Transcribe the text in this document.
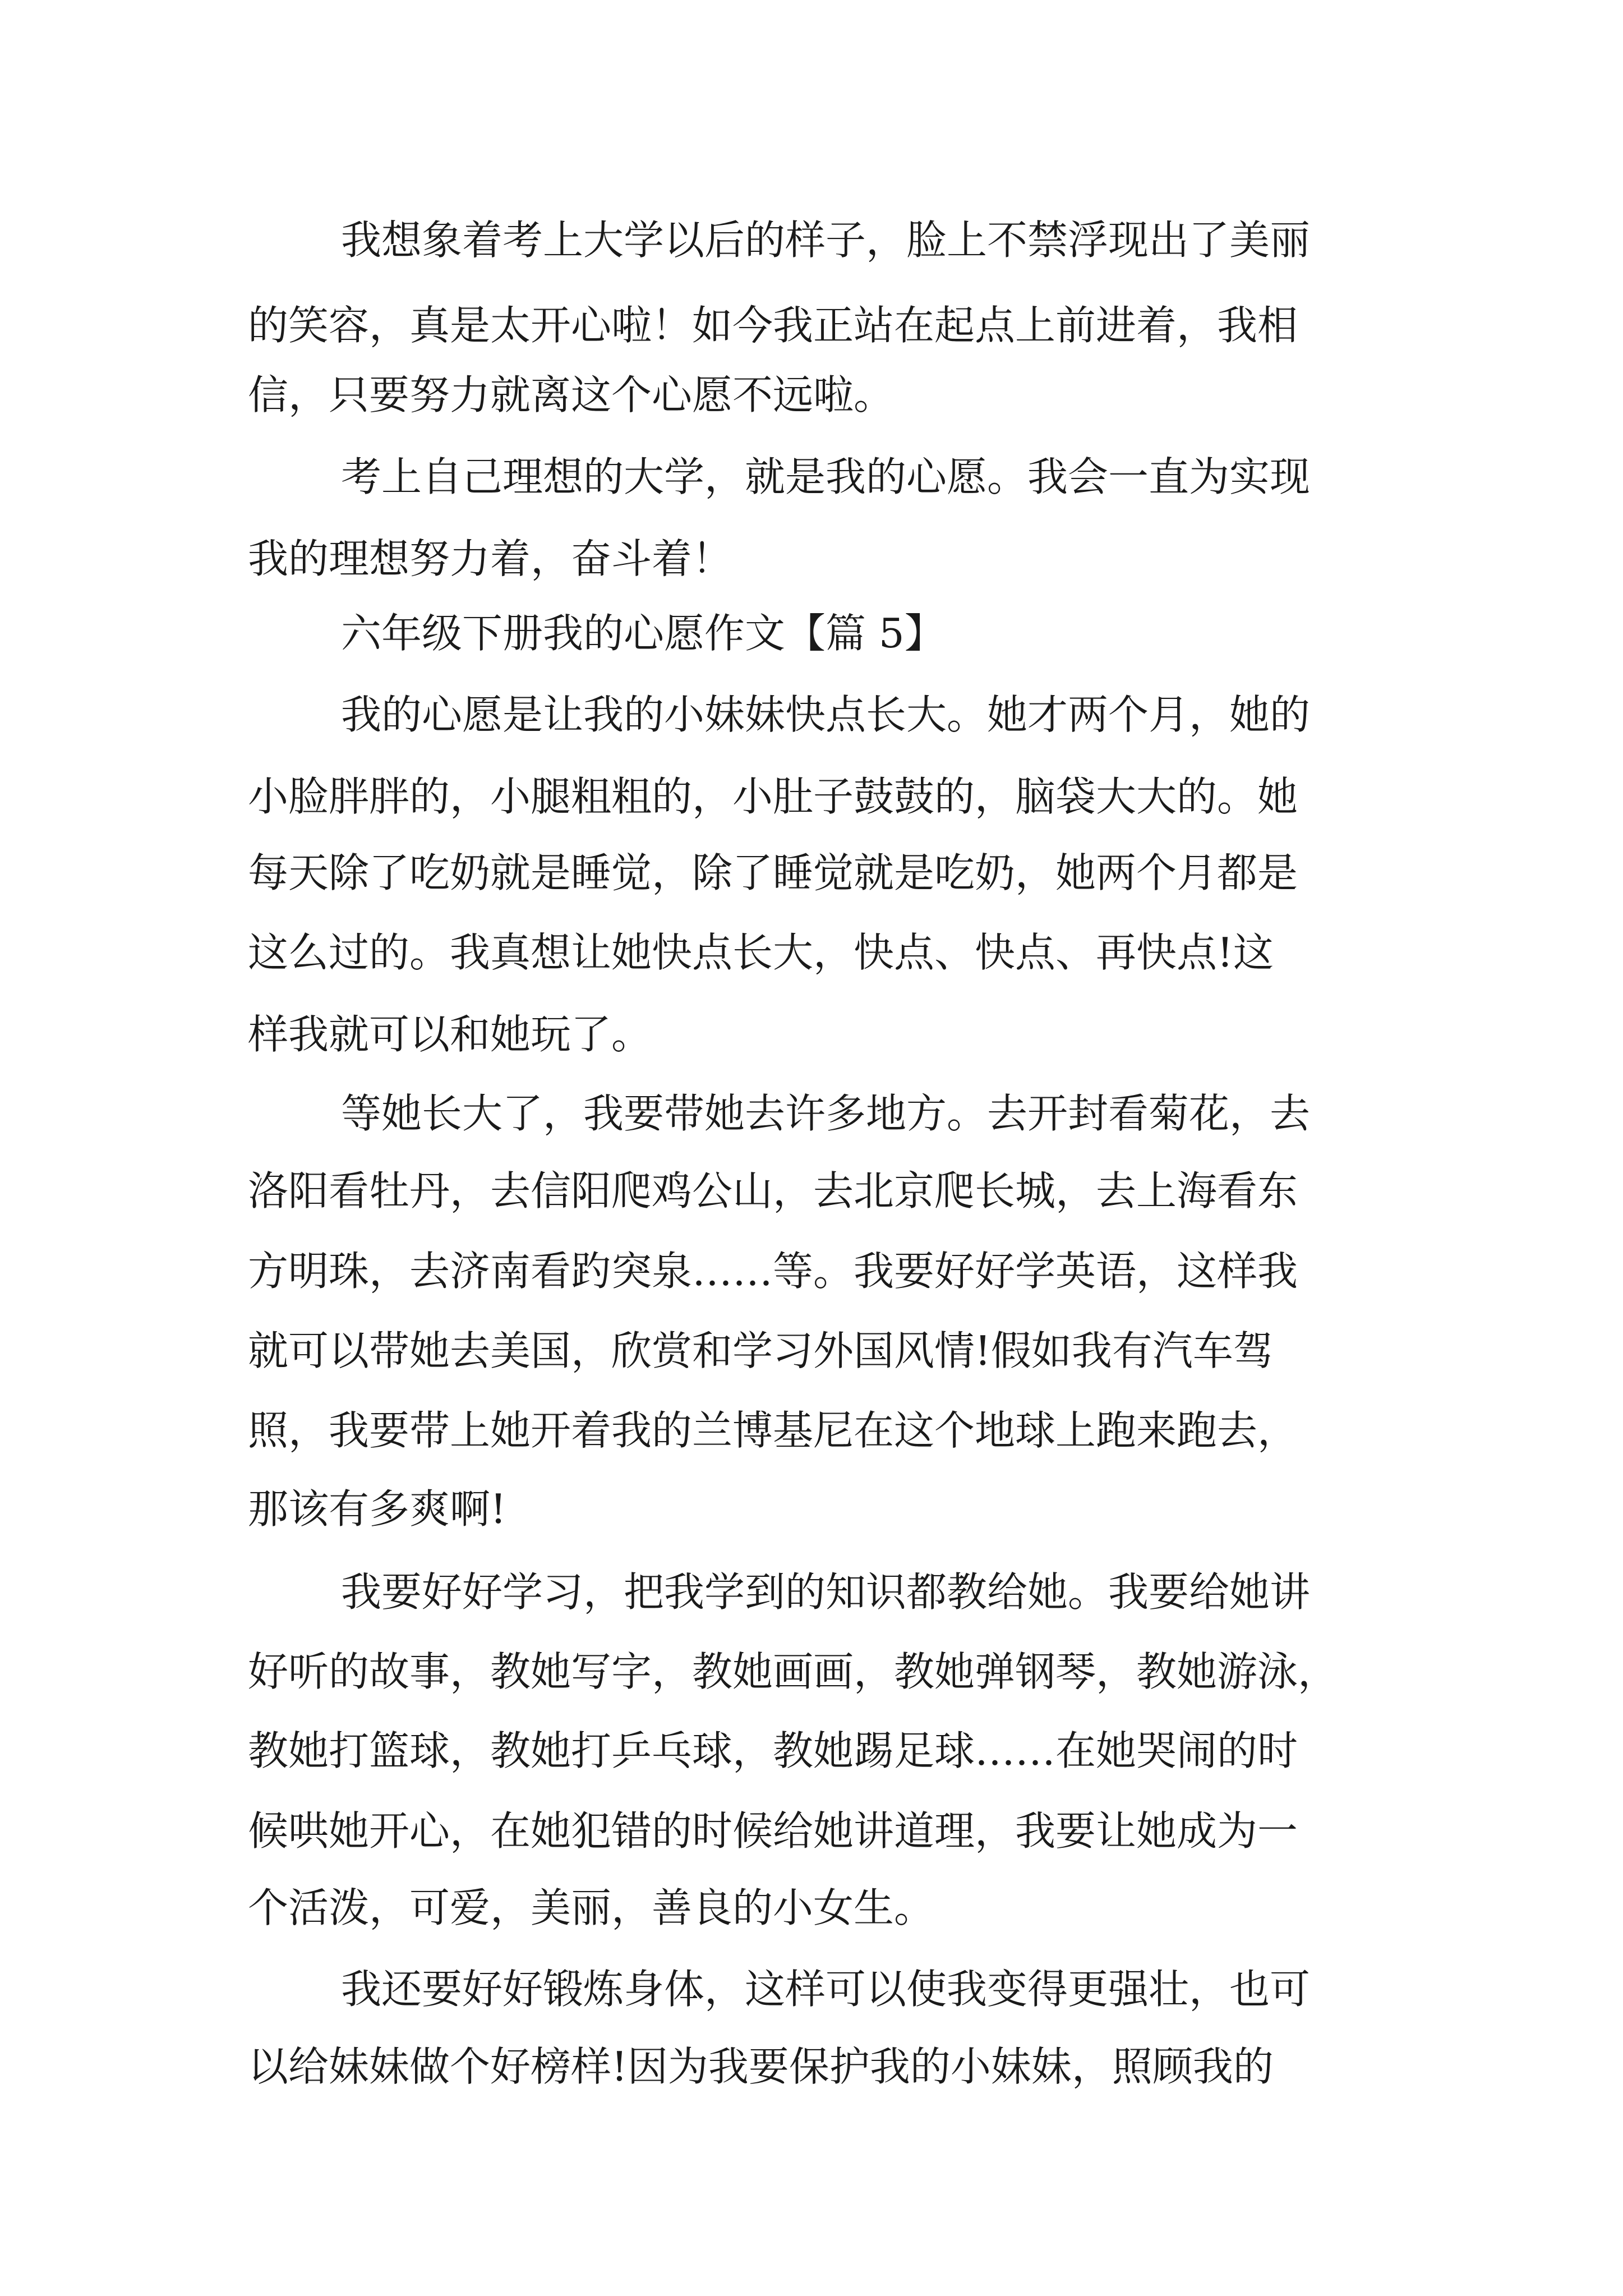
我想象着考上大学以后的样子，脸上不禁浮现出了美丽

的笑容，真是太开心啦！如今我正站在起点上前进着，我相

信，只要努力就离这个心愿不远啦。

考上自己理想的大学，就是我的心愿。我会一直为实现

我的理想努力着，奋斗着！

六年级下册我的心愿作文【篇 5】

我的心愿是让我的小妹妹快点长大。她才两个月，她的

小脸胖胖的，小腿粗粗的，小肚子鼓鼓的，脑袋大大的。她

每天除了吃奶就是睡觉，除了睡觉就是吃奶，她两个月都是

这么过的。我真想让她快点长大，快点、快点、再快点!这

样我就可以和她玩了。

等她长大了，我要带她去许多地方。去开封看菊花，去

洛阳看牡丹，去信阳爬鸡公山，去北京爬长城，去上海看东

方明珠，去济南看趵突泉……等。我要好好学英语，这样我

就可以带她去美国，欣赏和学习外国风情!假如我有汽车驾

照，我要带上她开着我的兰博基尼在这个地球上跑来跑去，

那该有多爽啊!

我要好好学习，把我学到的知识都教给她。我要给她讲

好听的故事，教她写字，教她画画，教她弹钢琴，教她游泳，

教她打篮球，教她打乒乓球，教她踢足球……在她哭闹的时

候哄她开心，在她犯错的时候给她讲道理，我要让她成为一

个活泼，可爱，美丽，善良的小女生。

我还要好好锻炼身体，这样可以使我变得更强壮，也可

以给妹妹做个好榜样!因为我要保护我的小妹妹，照顾我的
